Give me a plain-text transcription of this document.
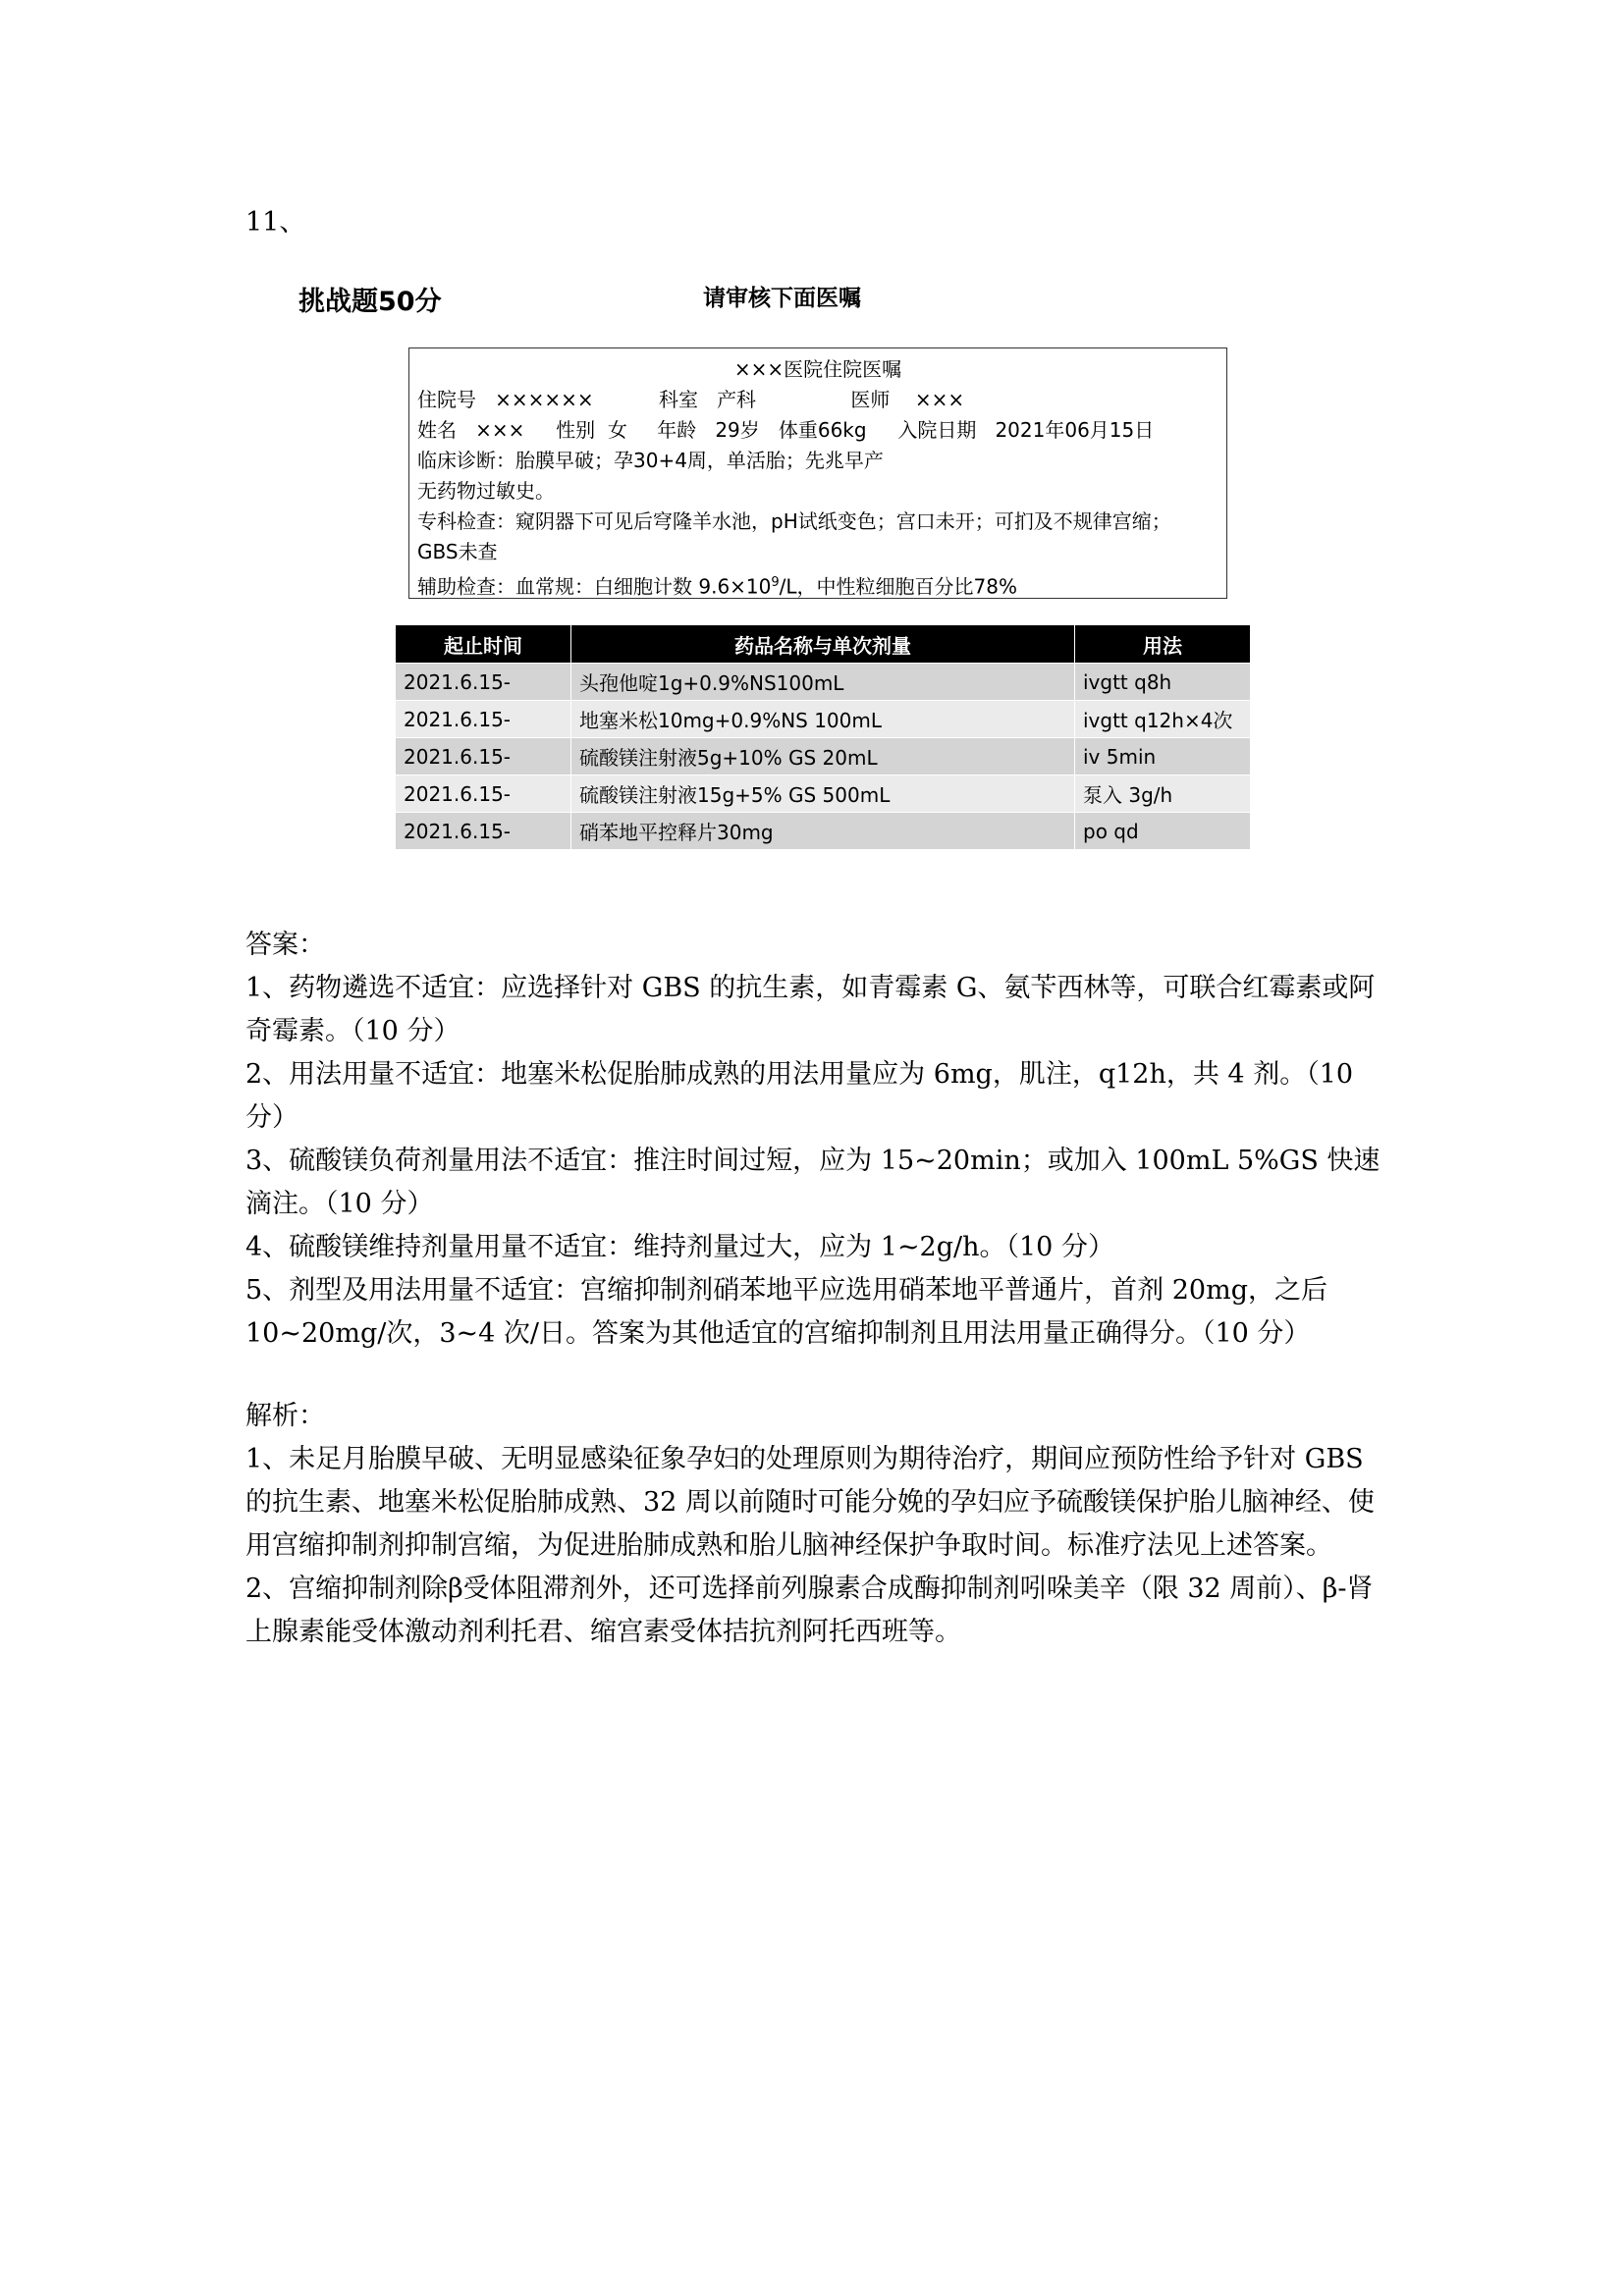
11、
挑战题50分	请审核下面医嘱
×××医院住院医嘱
住院号 ××××××	科室 产科	医师 ×××
姓名 ××× 性别 女 年龄 29岁 体重66kg 入院日期 2021年06月15日
临床诊断：胎膜早破；孕30+4周，单活胎；先兆早产
无药物过敏史。
专科检查：窥阴器下可见后穹隆羊水池，pH试纸变色；宫口未开；可扪及不规律宫缩；
GBS未查
辅助检查：血常规：白细胞计数 $9.6\times 10^9/L$，中性粒细胞百分比78%
起止时间	药品名称与单次剂量	用法
2021.6.15-	头孢他啶1g+0.9%NS100mL	ivgtt q8h
2021.6.15-	地塞米松10mg+0.9%NS 100mL	ivgtt q12h×4次
2021.6.15-	硫酸镁注射液5g+10% GS 20mL	iv 5min
2021.6.15-	硫酸镁注射液15g+5% GS 500mL	泵入 3g/h
2021.6.15-	硝苯地平控释片30mg	po qd

答案：

1、药物遴选不适宜：应选择针对 GBS 的抗生素，如青霉素 G、氨苄西林等，可联合红霉素或阿奇霉素。（10 分）

2、用法用量不适宜：地塞米松促胎肺成熟的用法用量应为 6mg，肌注，q12h，共 4 剂。（10 分）

3、硫酸镁负荷剂量用法不适宜：推注时间过短，应为 15~20min；或加入 100mL 5%GS 快速滴注。（10 分）

4、硫酸镁维持剂量用量不适宜：维持剂量过大，应为 1~2g/h。（10 分）

5、剂型及用法用量不适宜：宫缩抑制剂硝苯地平应选用硝苯地平普通片，首剂 20mg，之后 10~20mg/次，3~4 次/日。答案为其他适宜的宫缩抑制剂且用法用量正确得分。（10 分）

解析：

1、未足月胎膜早破、无明显感染征象孕妇的处理原则为期待治疗，期间应预防性给予针对 GBS 的抗生素、地塞米松促胎肺成熟、32 周以前随时可能分娩的孕妇应予硫酸镁保护胎儿脑神经、使用宫缩抑制剂抑制宫缩，为促进胎肺成熟和胎儿脑神经保护争取时间。标准疗法见上述答案。

2、宫缩抑制剂除β受体阻滞剂外，还可选择前列腺素合成酶抑制剂吲哚美辛（限 32 周前）、β-肾上腺素能受体激动剂利托君、缩宫素受体拮抗剂阿托西班等。
